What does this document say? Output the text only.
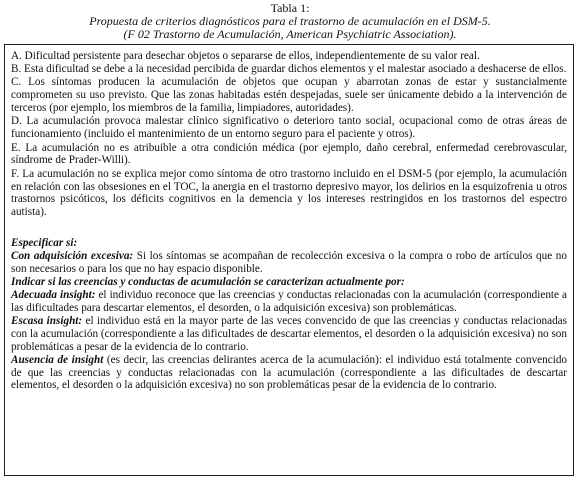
Tabla 1:
Propuesta de criterios diagnósticos para el trastorno de acumulación en el DSM-5.
(F 02 Trastorno de Acumulación, American Psychiatric Association).

A. Dificultad persistente para desechar objetos o separarse de ellos, independientemente de su valor real.

B. Esta dificultad se debe a la necesidad percibida de guardar dichos elementos y el malestar asociado a deshacerse de ellos.

C. Los síntomas producen la acumulación de objetos que ocupan y abarrotan zonas de estar y sustancialmente comprometen su uso previsto. Que las zonas habitadas estén despejadas, suele ser únicamente debido a la intervención de terceros (por ejemplo, los miembros de la familia, limpiadores, autoridades).

D. La acumulación provoca malestar clínico significativo o deterioro tanto social, ocupacional como de otras áreas de funcionamiento (incluido el mantenimiento de un entorno seguro para el paciente y otros).

E. La acumulación no es atribuible a otra condición médica (por ejemplo, daño cerebral, enfermedad cerebrovascular, síndrome de Prader-Willi).

F. La acumulación no se explica mejor como síntoma de otro trastorno incluido en el DSM-5 (por ejemplo, la acumulación en relación con las obsesiones en el TOC, la anergia en el trastorno depresivo mayor, los delirios en la esquizofrenia u otros trastornos psicóticos, los déficits cognitivos en la demencia y los intereses restringidos en los trastornos del espectro autista).

Especificar si:

Con adquisición excesiva: Si los síntomas se acompañan de recolección excesiva o la compra o robo de artículos que no son necesarios o para los que no hay espacio disponible.

Indicar si las creencias y conductas de acumulación se caracterizan actualmente por:

Adecuada insight: el individuo reconoce que las creencias y conductas relacionadas con la acumulación (correspondiente a las dificultades para descartar elementos, el desorden, o la adquisición excesiva) son problemáticas.

Escasa insight: el individuo está en la mayor parte de las veces convencido de que las creencias y conductas relacionadas con la acumulación (correspondiente a las dificultades de descartar elementos, el desorden o la adquisición excesiva) no son problemáticas a pesar de la evidencia de lo contrario.

Ausencia de insight (es decir, las creencias delirantes acerca de la acumulación): el individuo está totalmente convencido de que las creencias y conductas relacionadas con la acumulación (correspondiente a las dificultades de descartar elementos, el desorden o la adquisición excesiva) no son problemáticas pesar de la evidencia de lo contrario.
